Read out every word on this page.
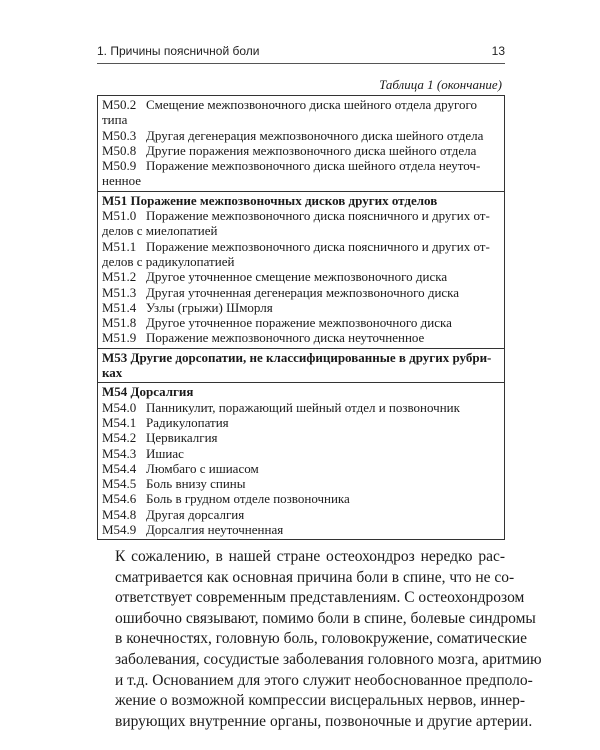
1. Причины поясничной боли	13
Таблица 1 (окончание)
M50.2 Смещение межпозвоночного диска шейного отдела другого
типа
M50.3 Другая дегенерация межпозвоночного диска шейного отдела
M50.8 Другие поражения межпозвоночного диска шейного отдела
M50.9 Поражение межпозвоночного диска шейного отдела неуточ-
ненное
M51 Поражение межпозвоночных дисков других отделов
M51.0 Поражение межпозвоночного диска поясничного и других от-
делов с миелопатией
M51.1 Поражение межпозвоночного диска поясничного и других от-
делов с радикулопатией
M51.2 Другое уточненное смещение межпозвоночного диска
M51.3 Другая уточненная дегенерация межпозвоночного диска
M51.4 Узлы (грыжи) Шморля
M51.8 Другое уточненное поражение межпозвоночного диска
M51.9 Поражение межпозвоночного диска неуточненное
M53 Другие дорсопатии, не классифицированные в других рубри-
ках
M54 Дорсалгия
M54.0 Панникулит, поражающий шейный отдел и позвоночник
M54.1 Радикулопатия
M54.2 Цервикалгия
M54.3 Ишиас
M54.4 Люмбаго с ишиасом
M54.5 Боль внизу спины
M54.6 Боль в грудном отделе позвоночника
M54.8 Другая дорсалгия
M54.9 Дорсалгия неуточненная

К сожалению, в нашей стране остеохондроз нередко рас-
сматривается как основная причина боли в спине, что не со-
ответствует современным представлениям. С остеохондрозом
ошибочно связывают, помимо боли в спине, болевые синдромы
в конечностях, головную боль, головокружение, соматические
заболевания, сосудистые заболевания головного мозга, аритмию
и т.д. Основанием для этого служит необоснованное предполо-
жение о возможной компрессии висцеральных нервов, иннер-
вирующих внутренние органы, позвоночные и другие артерии.
